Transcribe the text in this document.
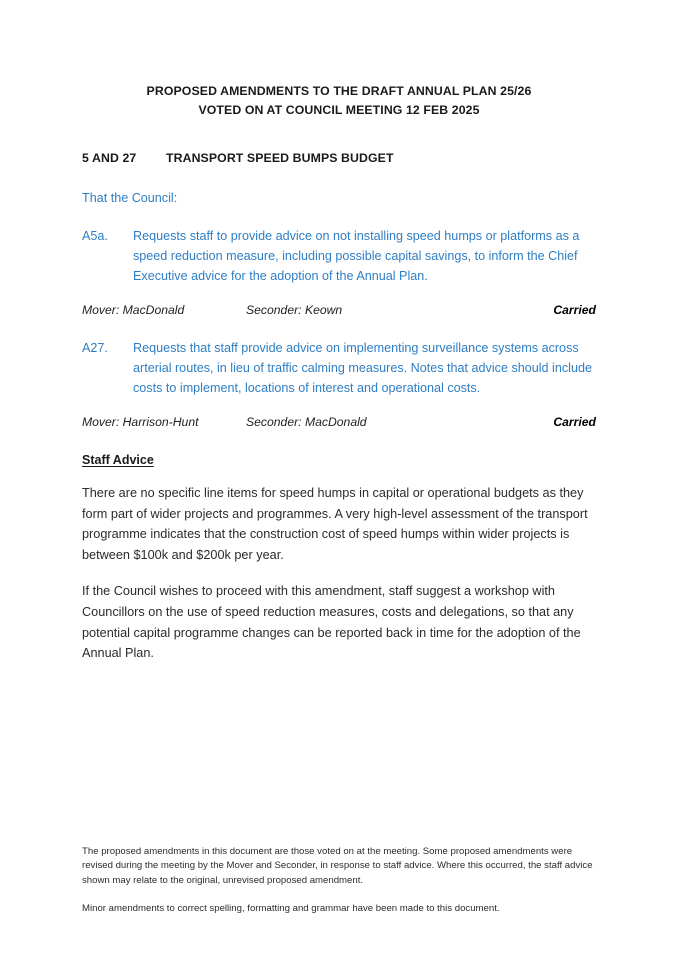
PROPOSED AMENDMENTS TO THE DRAFT ANNUAL PLAN 25/26
VOTED ON AT COUNCIL MEETING 12 FEB 2025
5 AND 27	TRANSPORT SPEED BUMPS BUDGET
That the Council:
A5a.	Requests staff to provide advice on not installing speed humps or platforms as a speed reduction measure, including possible capital savings, to inform the Chief Executive advice for the adoption of the Annual Plan.
Mover: MacDonald	Seconder: Keown	Carried
A27.	Requests that staff provide advice on implementing surveillance systems across arterial routes, in lieu of traffic calming measures. Notes that advice should include costs to implement, locations of interest and operational costs.
Mover: Harrison-Hunt	Seconder: MacDonald	Carried
Staff Advice

There are no specific line items for speed humps in capital or operational budgets as they form part of wider projects and programmes. A very high-level assessment of the transport programme indicates that the construction cost of speed humps within wider projects is between $100k and $200k per year.

If the Council wishes to proceed with this amendment, staff suggest a workshop with Councillors on the use of speed reduction measures, costs and delegations, so that any potential capital programme changes can be reported back in time for the adoption of the Annual Plan.

The proposed amendments in this document are those voted on at the meeting. Some proposed amendments were revised during the meeting by the Mover and Seconder, in response to staff advice. Where this occurred, the staff advice shown may relate to the original, unrevised proposed amendment.
Minor amendments to correct spelling, formatting and grammar have been made to this document.
